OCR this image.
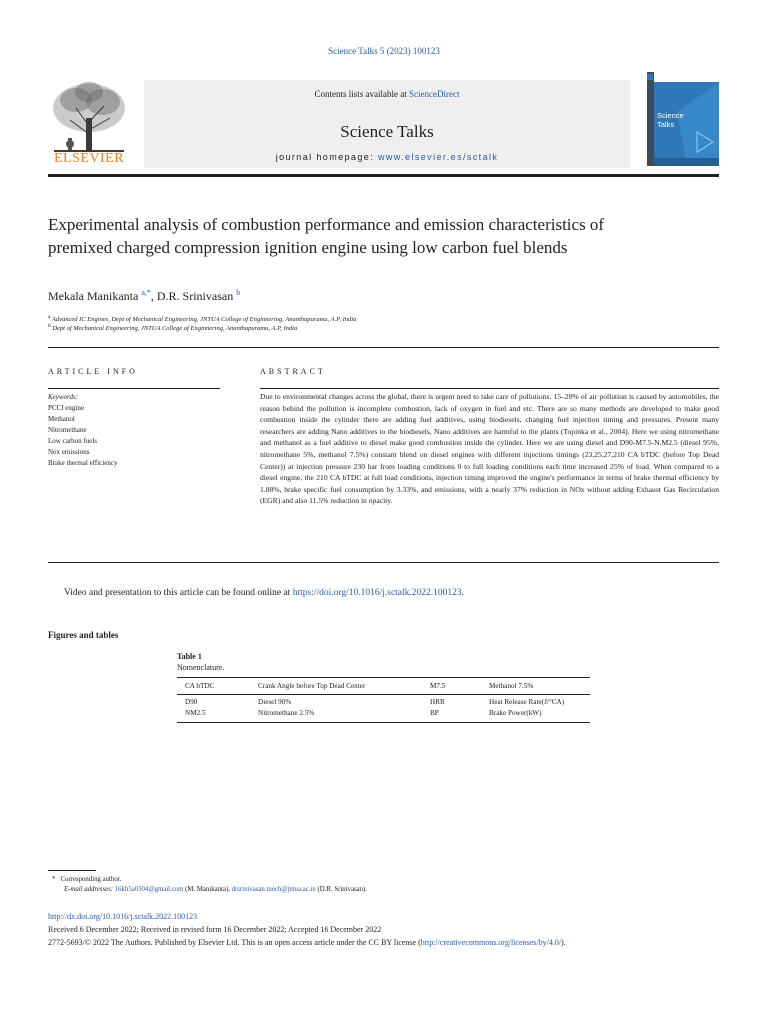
Science Talks 5 (2023) 100123
ELSEVIER
Contents lists available at ScienceDirect
Science Talks
journal homepage: www.elsevier.es/sctalk
Science
Talks
Experimental analysis of combustion performance and emission characteristics of premixed charged compression ignition engine using low carbon fuel blends
Mekala Manikanta $^{a,*}$, D.R. Srinivasan $^b$
$^a$ Advanced IC Engines, Dept of Mechanical Engineering, JNTUA College of Enginnering, Ananthapuramu, A.P, India
$^b$ Dept of Mechanical Engineering, JNTUA College of Enginnering, Ananthapuramu, A.P, India
ARTICLE INFO	ABSTRACT
Keywords:
PCCI engine
Methanol
Nitromethane
Low carbon fuels
Nox emissions
Brake thermal efficiency
Due to environmental changes across the global, there is urgent need to take care of pollutions. 15–20% of air pollution is caused by automobiles, the reason behind the pollution is incomplete combustion, lack of oxygen in fuel and etc. There are so many methods are developed to make good combustion inside the cylinder there are adding fuel additives, using biodiesels, changing fuel injection timing and pressures. Present many researchers are adding Nano additives to the biodiesels, Nano additives are harmful to the plants (Topinka et al., 2004). Here we using nitromethane and methanol as a fuel additive to diesel make good combustion inside the cylinder. Here we are using diesel and D90-M7.5-N.M2.5 (diesel 95%, nitromethane 5%, methanol 7.5%) constant blend on diesel engines with different injections timings (23,25,27,210 CA bTDC (before Top Dead Center)) at injection pressure 230 bar from loading conditions 0 to full loading conditions each time increased 25% of load. When compared to a diesel engine, the 210 CA bTDC at full load conditions, injection timing improved the engine's performance in terms of brake thermal efficiency by 1.88%, brake specific fuel consumption by 3.33%, and emissions, with a nearly 37% reduction in NOx without adding Exhaust Gas Recirculation (EGR) and also 11.5% reduction in opacity.
Video and presentation to this article can be found online at https://doi.org/10.1016/j.sctalk.2022.100123.
Figures and tables
Table 1
Nomenclature.
CA bTDC	Crank Angle before Top Dead Center	M7.5	Methanol 7.5%
D90	Diesel 90%	HRR	Heat Release Rate(J/°CA)
NM2.5	Nitromethane 2.5%	BP	Brake Power(kW)
* Corresponding author.
E-mail addresses: 16kh5a0304@gmail.com (M. Manikanta), drsrinivasan.mech@jntua.ac.in (D.R. Srinivasan).
http://dx.doi.org/10.1016/j.sctalk.2022.100123
Received 6 December 2022; Received in revised form 16 December 2022; Accepted 16 December 2022
2772-5693/© 2022 The Authors. Published by Elsevier Ltd. This is an open access article under the CC BY license (http://creativecommons.org/licenses/by/4.0/).
